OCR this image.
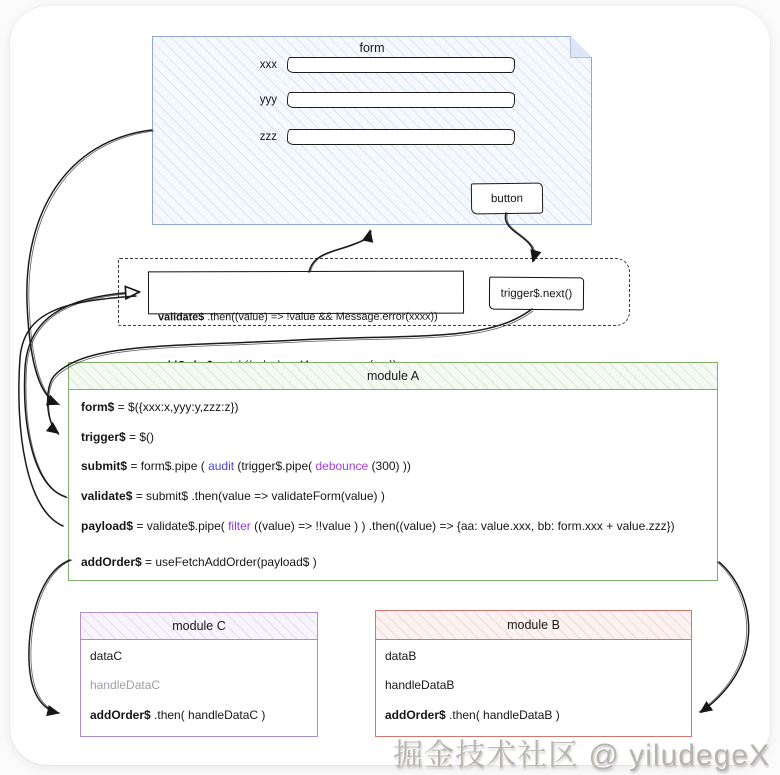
form
xxx
yyy
zzz
button

validate$ .then((value) => !value && Message.error(xxxx))

trigger$.next()
module A
form$ = $({xxx:x,yyy:y,zzz:z})
trigger$ = $()
submit$ = form$.pipe ( audit (trigger$.pipe( debounce (300) ))
validate$ = submit$ .then(value => validateForm(value) )
payload$ = validate$.pipe( filter ((value) => !!value ) ) .then((value) => {aa: value.xxx, bb: form.xxx + value.zzz})
addOrder$ = useFetchAddOrder(payload$ )
module C
dataC
handleDataC
addOrder$ .then( handleDataC )
module B
dataB
handleDataB
addOrder$ .then( handleDataB )
掘金技术社区 @ yiludegeX
